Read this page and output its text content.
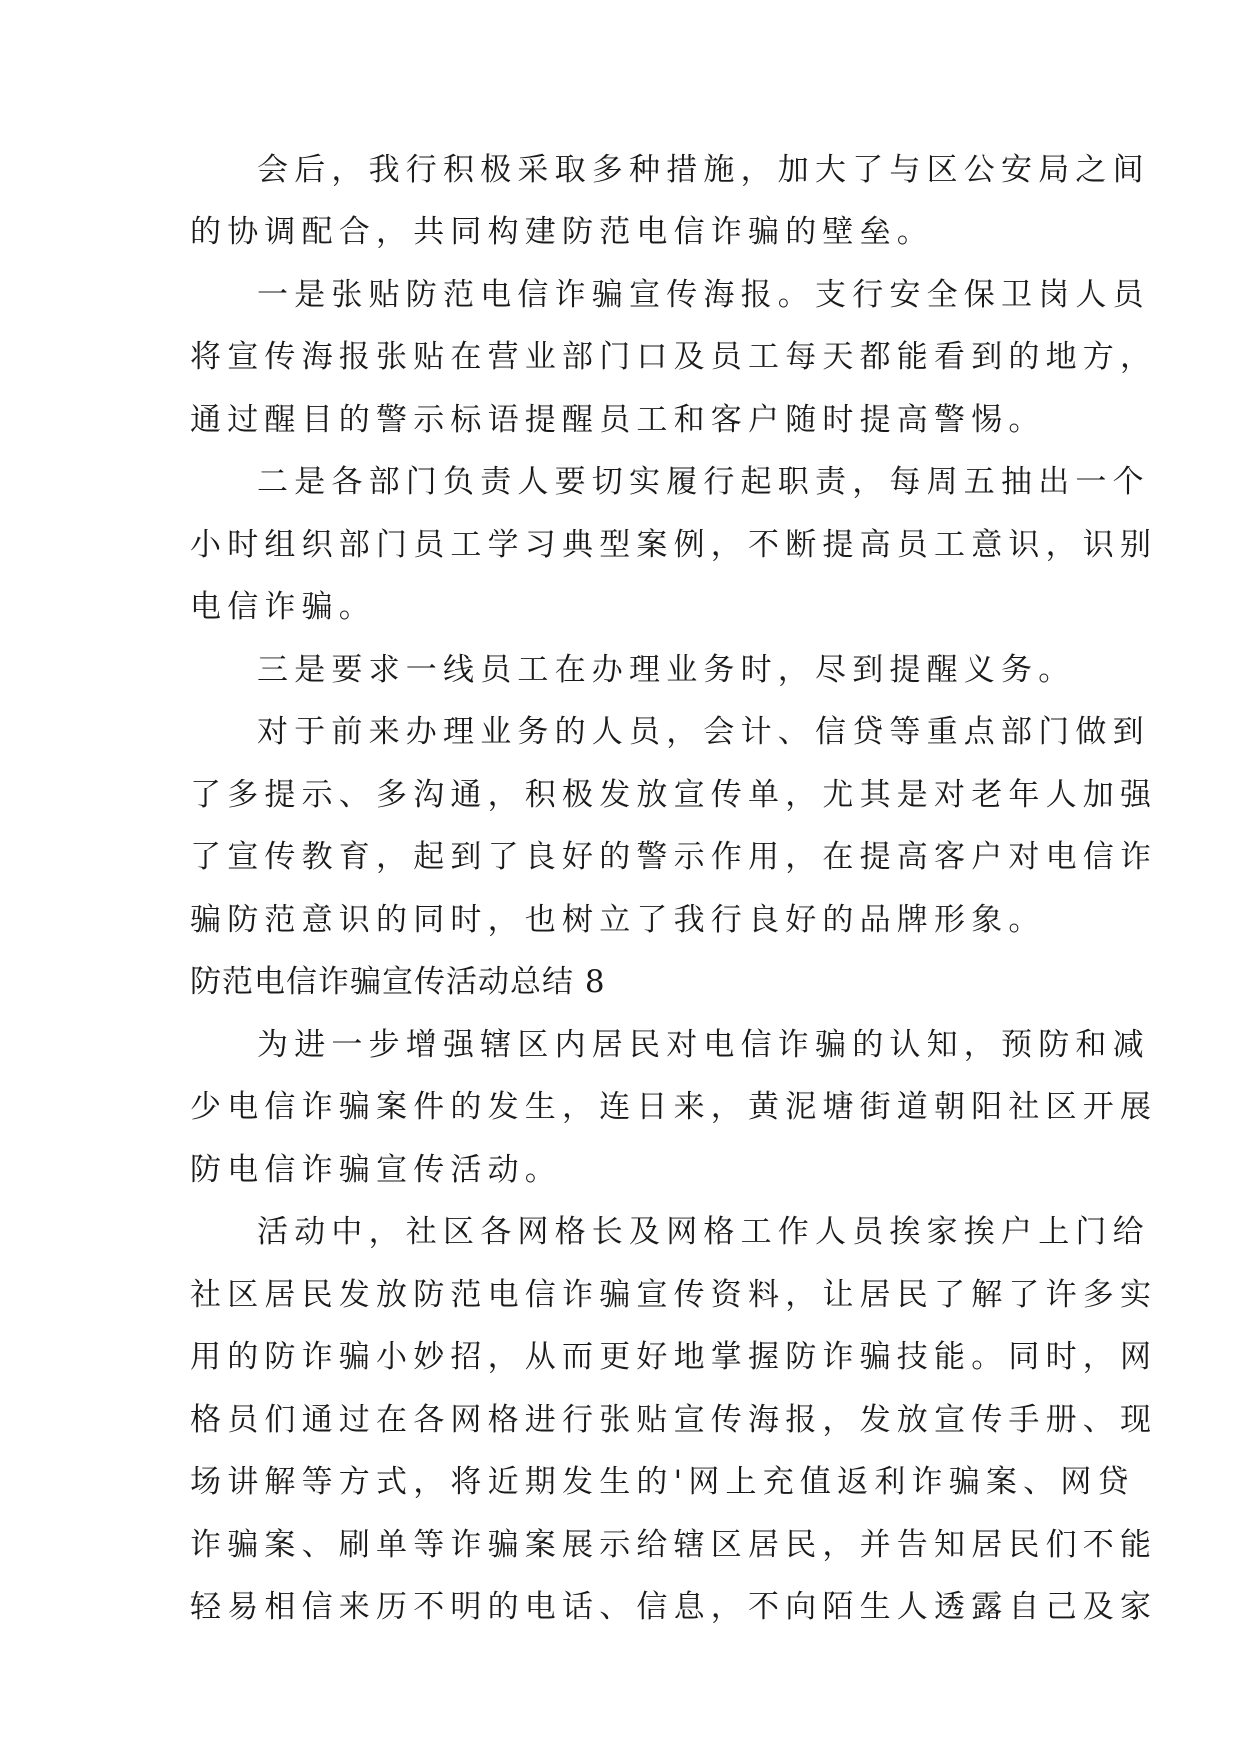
会后，我行积极采取多种措施，加大了与区公安局之间

的协调配合，共同构建防范电信诈骗的壁垒。

一是张贴防范电信诈骗宣传海报。支行安全保卫岗人员

将宣传海报张贴在营业部门口及员工每天都能看到的地方，

通过醒目的警示标语提醒员工和客户随时提高警惕。

二是各部门负责人要切实履行起职责，每周五抽出一个

小时组织部门员工学习典型案例，不断提高员工意识，识别

电信诈骗。

三是要求一线员工在办理业务时，尽到提醒义务。

对于前来办理业务的人员，会计、信贷等重点部门做到

了多提示、多沟通，积极发放宣传单，尤其是对老年人加强

了宣传教育，起到了良好的警示作用，在提高客户对电信诈

骗防范意识的同时，也树立了我行良好的品牌形象。

防范电信诈骗宣传活动总结 8

为进一步增强辖区内居民对电信诈骗的认知，预防和减

少电信诈骗案件的发生，连日来，黄泥塘街道朝阳社区开展

防电信诈骗宣传活动。

活动中，社区各网格长及网格工作人员挨家挨户上门给

社区居民发放防范电信诈骗宣传资料，让居民了解了许多实

用的防诈骗小妙招，从而更好地掌握防诈骗技能。同时，网

格员们通过在各网格进行张贴宣传海报，发放宣传手册、现

场讲解等方式，将近期发生的'网上充值返利诈骗案、网贷

诈骗案、刷单等诈骗案展示给辖区居民，并告知居民们不能

轻易相信来历不明的电话、信息，不向陌生人透露自己及家
